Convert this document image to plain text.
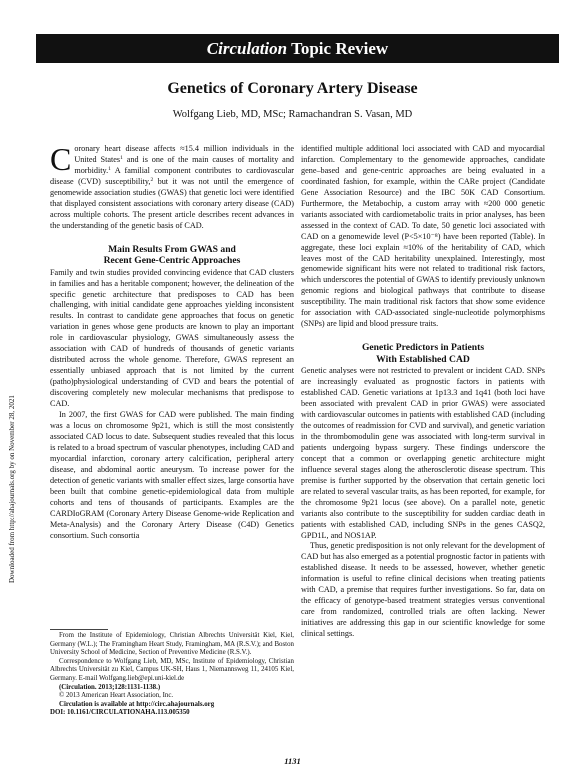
Circulation Topic Review
Genetics of Coronary Artery Disease
Wolfgang Lieb, MD, MSc; Ramachandran S. Vasan, MD
Downloaded from http://ahajournals.org by on November 28, 2021

Coronary heart disease affects ≈15.4 million individuals in the United States$^1$ and is one of the main causes of mortality and morbidity.$^1$ A familial component contributes to cardiovascular disease (CVD) susceptibility,$^2$ but it was not until the emergence of genomewide association studies (GWAS) that genetic loci were identified that displayed consistent associations with coronary artery disease (CAD) across multiple cohorts. The present article describes recent advances in the understanding of the genetic basis of CAD.

Main Results From GWAS and
Recent Gene-Centric Approaches

Family and twin studies provided convincing evidence that CAD clusters in families and has a heritable component; however, the delineation of the specific genetic architecture that predisposes to CAD has been challenging, with initial candidate gene approaches yielding inconsistent results. In contrast to candidate gene approaches that focus on genetic variation in genes whose gene products are known to play an important role in cardiovascular physiology, GWAS simultaneously assess the association with CAD of hundreds of thousands of genetic variants distributed across the whole genome. Therefore, GWAS represent an essentially unbiased approach that is not limited by the current (patho)physiological understanding of CVD and bears the potential of discovering completely new molecular mechanisms that predispose to CAD.

In 2007, the first GWAS for CAD were published. The main finding was a locus on chromosome 9p21, which is still the most consistently associated CAD locus to date. Subsequent studies revealed that this locus is related to a broad spectrum of vascular phenotypes, including CAD and myocardial infarction, coronary artery calcification, peripheral artery disease, and abdominal aortic aneurysm. To increase power for the detection of genetic variants with smaller effect sizes, large consortia have been built that combine genetic-epidemiological data from multiple cohorts and tens of thousands of participants. Examples are the CARDIoGRAM (Coronary Artery Disease Genome-wide Replication and Meta-Analysis) and the Coronary Artery Disease (C4D) Genetics consortium. Such consortia

From the Institute of Epidemiology, Christian Albrechts Universität Kiel, Kiel, Germany (W.L.); The Framingham Heart Study, Framingham, MA (R.S.V.); and Boston University School of Medicine, Section of Preventive Medicine (R.S.V.).

Correspondence to Wolfgang Lieb, MD, MSc, Institute of Epidemiology, Christian Albrechts Universität zu Kiel, Campus UK-SH, Haus 1, Niemannsweg 11, 24105 Kiel, Germany. E-mail Wolfgang.lieb@epi.uni-kiel.de

(Circulation. 2013;128:1131-1138.)

© 2013 American Heart Association, Inc.

Circulation is available at http://circ.ahajournals.org

DOI: 10.1161/CIRCULATIONAHA.113.005350

identified multiple additional loci associated with CAD and myocardial infarction. Complementary to the genomewide approaches, candidate gene–based and gene-centric approaches are being evaluated in a coordinated fashion, for example, within the CARe project (Candidate Gene Association Resource) and the IBC 50K CAD Consortium. Furthermore, the Metabochip, a custom array with ≈200 000 genetic variants associated with cardiometabolic traits in prior analyses, has been assessed in the context of CAD. To date, 50 genetic loci associated with CAD on a genomewide level (P<5×10⁻⁸) have been reported (Table). In aggregate, these loci explain ≈10% of the heritability of CAD, which leaves most of the CAD heritability unexplained. Interestingly, most genomewide significant hits were not related to traditional risk factors, which underscores the potential of GWAS to identify previously unknown genomic regions and biological pathways that contribute to disease susceptibility. The main traditional risk factors that show some evidence for association with CAD-associated single-nucleotide polymorphisms (SNPs) are lipid and blood pressure traits.

Genetic Predictors in Patients
With Established CAD

Genetic analyses were not restricted to prevalent or incident CAD. SNPs are increasingly evaluated as prognostic factors in patients with established CAD. Genetic variations at 1p13.3 and 1q41 (both loci have been associated with prevalent CAD in prior GWAS) were associated with cardiovascular outcomes in patients with established CAD (including the outcomes of readmission for CVD and survival), and genetic variation in the thrombomodulin gene was associated with long-term survival in patients undergoing bypass surgery. These findings underscore the concept that a common or overlapping genetic architecture might influence several stages along the atherosclerotic disease spectrum. This premise is further supported by the observation that certain genetic loci are related to several vascular traits, as has been reported, for example, for the chromosome 9p21 locus (see above). On a parallel note, genetic variants also contribute to the susceptibility for sudden cardiac death in patients with established CAD, including SNPs in the genes CASQ2, GPD1L, and NOS1AP.

Thus, genetic predisposition is not only relevant for the development of CAD but has also emerged as a potential prognostic factor in patients with established disease. It needs to be assessed, however, whether genetic information is useful to refine clinical decisions when treating patients with CAD, a premise that requires further investigations. So far, data on the efficacy of genotype-based treatment strategies versus conventional care from randomized, controlled trials are often lacking. Newer initiatives are addressing this gap in our scientific knowledge for some clinical settings.

1131
